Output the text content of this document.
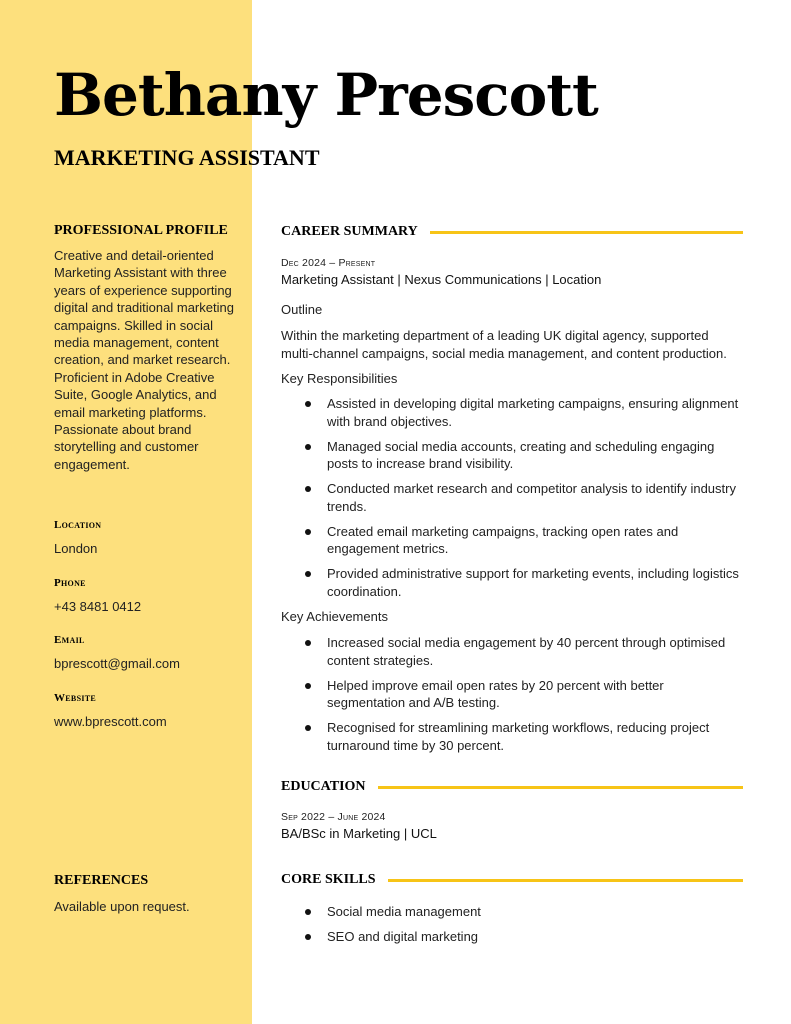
Bethany Prescott
MARKETING ASSISTANT
PROFESSIONAL PROFILE

Creative and detail-oriented Marketing Assistant with three years of experience supporting digital and traditional marketing campaigns. Skilled in social media management, content creation, and market research. Proficient in Adobe Creative Suite, Google Analytics, and email marketing platforms. Passionate about brand storytelling and customer engagement.

Location
London
Phone
+43 8481 0412
Email
bprescott@gmail.com
Website
www.bprescott.com
REFERENCES
Available upon request.
CAREER SUMMARY
Dec 2024 – Present
Marketing Assistant | Nexus Communications | Location
Outline
Within the marketing department of a leading UK digital agency, supported multi-channel campaigns, social media management, and content production.
Key Responsibilities
Assisted in developing digital marketing campaigns, ensuring alignment with brand objectives.
Managed social media accounts, creating and scheduling engaging posts to increase brand visibility.
Conducted market research and competitor analysis to identify industry trends.
Created email marketing campaigns, tracking open rates and engagement metrics.
Provided administrative support for marketing events, including logistics coordination.
Key Achievements
Increased social media engagement by 40 percent through optimised content strategies.
Helped improve email open rates by 20 percent with better segmentation and A/B testing.
Recognised for streamlining marketing workflows, reducing project turnaround time by 30 percent.
EDUCATION
Sep 2022 – June 2024
BA/BSc in Marketing | UCL
CORE SKILLS
Social media management
SEO and digital marketing
